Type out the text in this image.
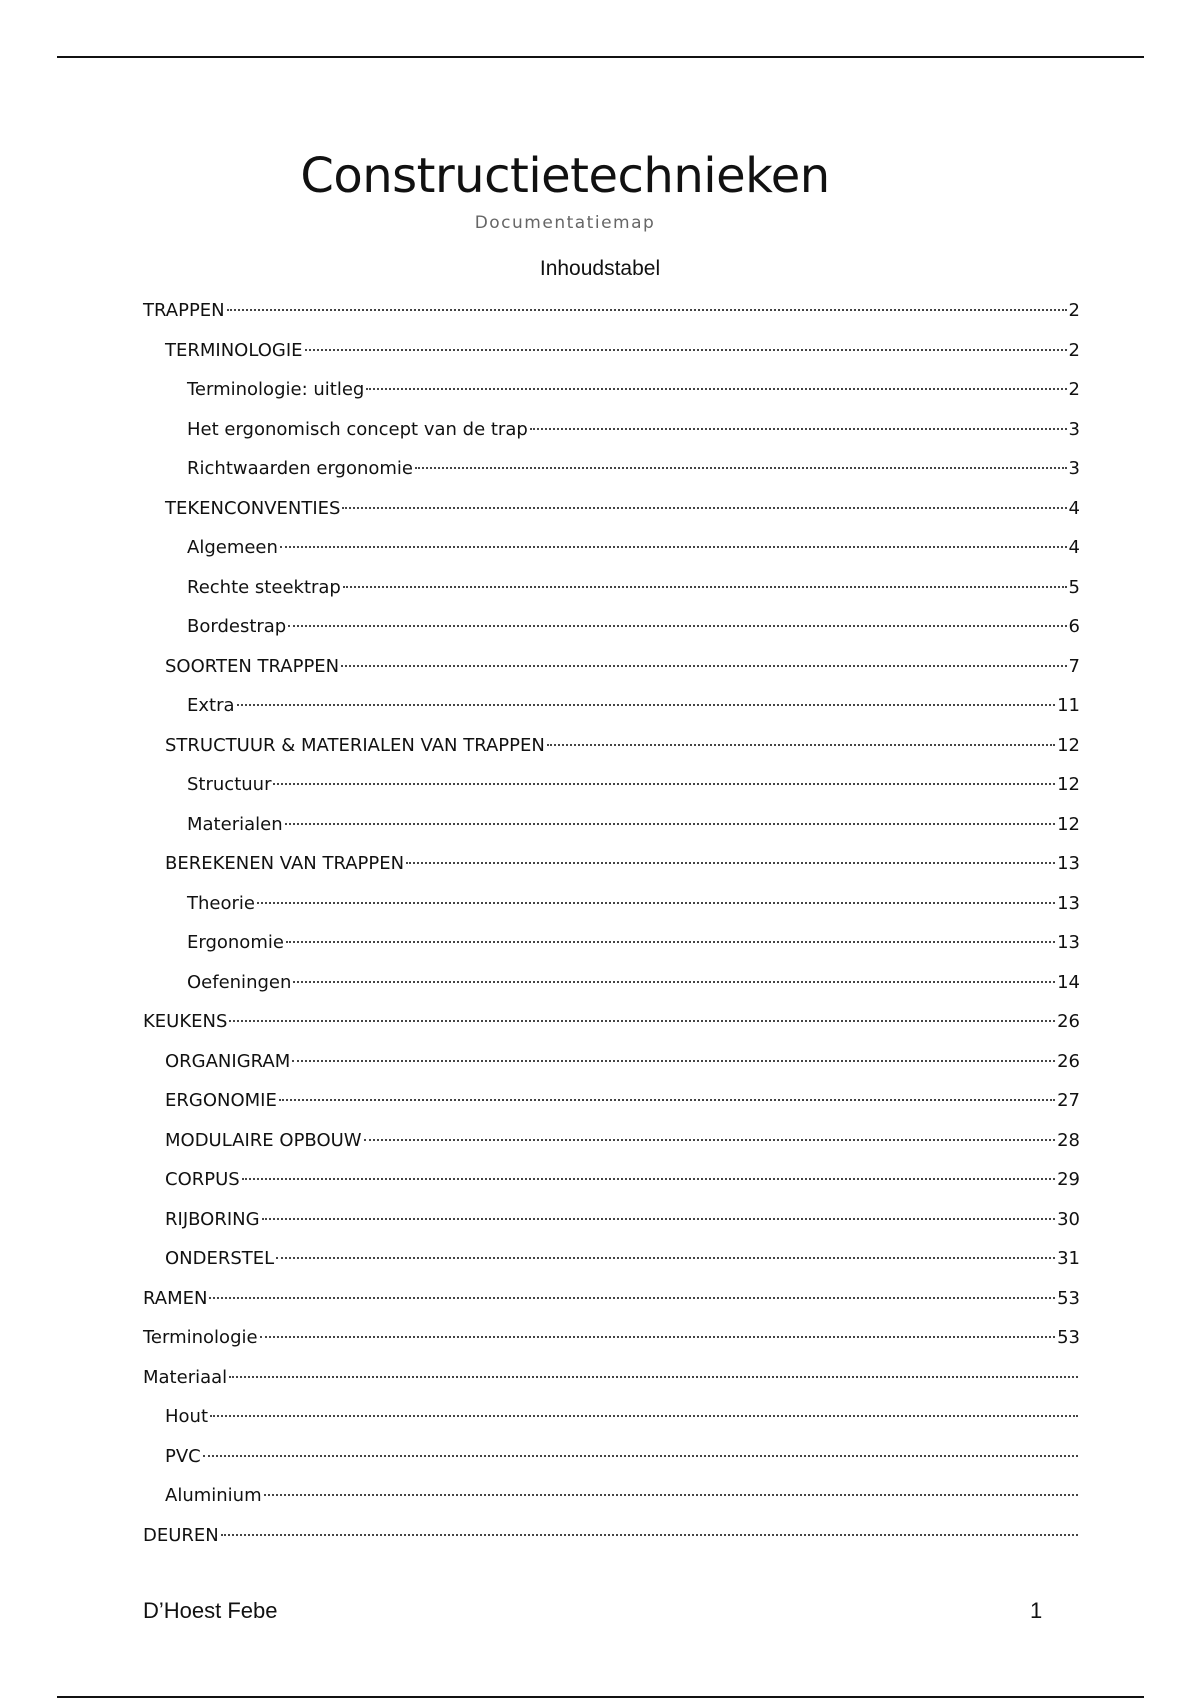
Constructietechnieken
Documentatiemap
Inhoudstabel
TRAPPEN	2
TERMINOLOGIE	2
Terminologie: uitleg	2
Het ergonomisch concept van de trap	3
Richtwaarden ergonomie	3
TEKENCONVENTIES	4
Algemeen	4
Rechte steektrap	5
Bordestrap	6
SOORTEN TRAPPEN	7
Extra	11
STRUCTUUR & MATERIALEN VAN TRAPPEN	12
Structuur	12
Materialen	12
BEREKENEN VAN TRAPPEN	13
Theorie	13
Ergonomie	13
Oefeningen	14
KEUKENS	26
ORGANIGRAM	26
ERGONOMIE	27
MODULAIRE OPBOUW	28
CORPUS	29
RIJBORING	30
ONDERSTEL	31
RAMEN	53
Terminologie	53
Materiaal
Hout
PVC
Aluminium
DEUREN
D’Hoest Febe	1
